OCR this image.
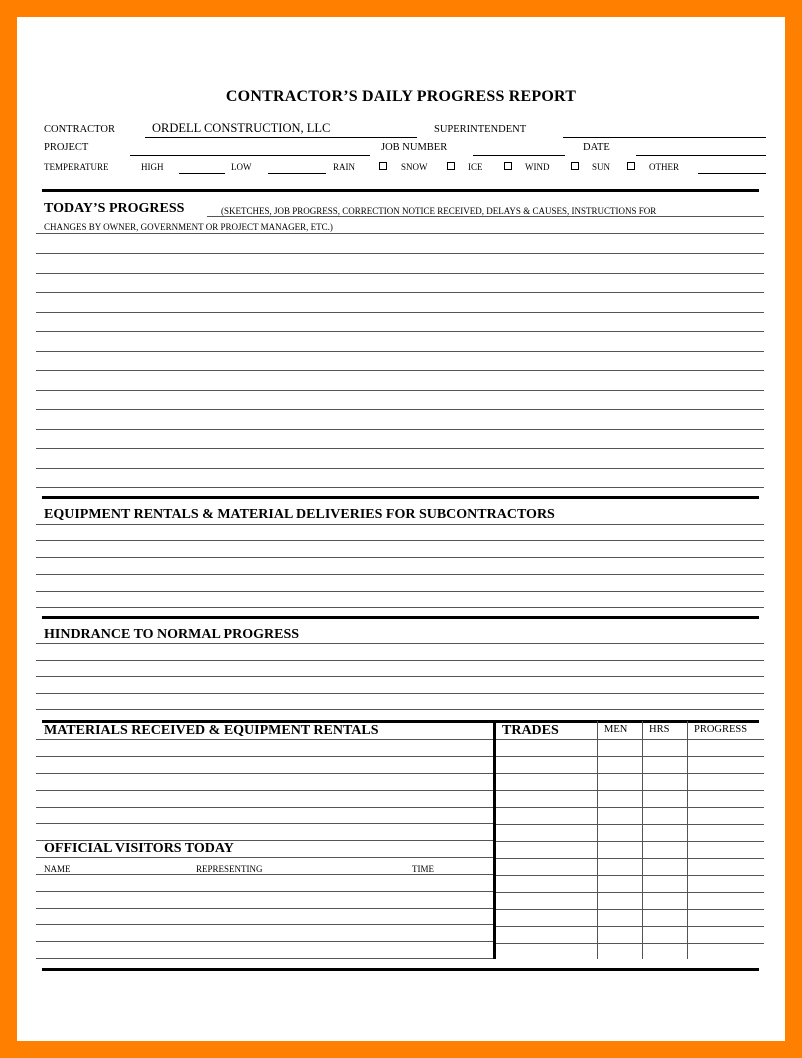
CONTRACTOR’S DAILY PROGRESS REPORT
CONTRACTOR	ORDELL CONSTRUCTION, LLC	SUPERINTENDENT
PROJECT	JOB NUMBER	DATE
TEMPERATURE	HIGH	LOW	RAIN	SNOW	ICE	WIND	SUN	OTHER
TODAY’S PROGRESS	(SKETCHES, JOB PROGRESS, CORRECTION NOTICE RECEIVED, DELAYS & CAUSES, INSTRUCTIONS FOR
CHANGES BY OWNER, GOVERNMENT OR PROJECT MANAGER, ETC.)
EQUIPMENT RENTALS & MATERIAL DELIVERIES FOR SUBCONTRACTORS
HINDRANCE TO NORMAL PROGRESS
MATERIALS RECEIVED & EQUIPMENT RENTALS
OFFICIAL VISITORS TODAY
NAME	REPRESENTING	TIME
TRADES	MEN HRS PROGRESS
